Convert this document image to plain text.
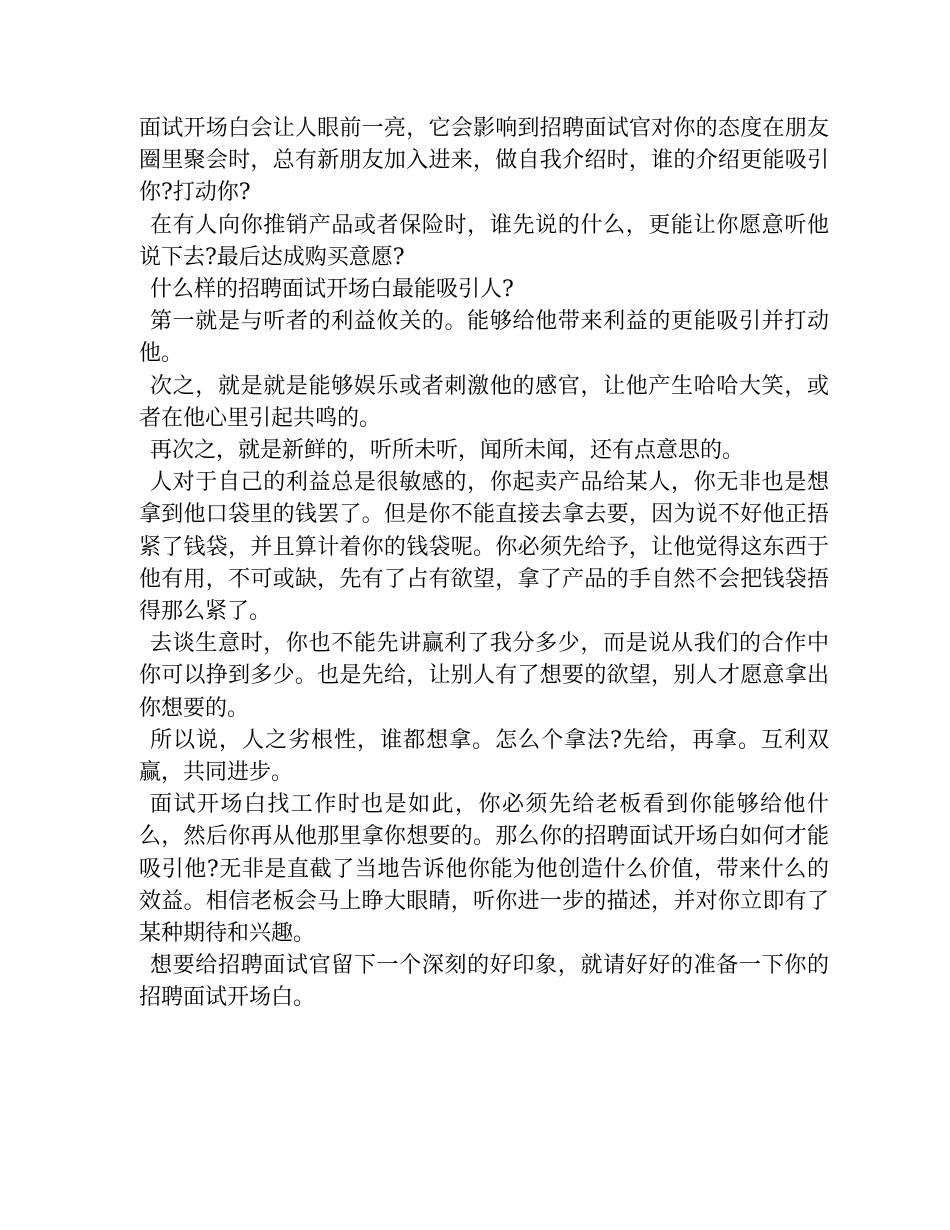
面试开场白会让人眼前一亮，它会影响到招聘面试官对你的态度在朋友圈里聚会时，总有新朋友加入进来，做自我介绍时，谁的介绍更能吸引你?打动你?

在有人向你推销产品或者保险时，谁先说的什么，更能让你愿意听他说下去?最后达成购买意愿?

什么样的招聘面试开场白最能吸引人?

第一就是与听者的利益攸关的。能够给他带来利益的更能吸引并打动他。

次之，就是就是能够娱乐或者刺激他的感官，让他产生哈哈大笑，或者在他心里引起共鸣的。

再次之，就是新鲜的，听所未听，闻所未闻，还有点意思的。

人对于自己的利益总是很敏感的，你起卖产品给某人，你无非也是想拿到他口袋里的钱罢了。但是你不能直接去拿去要，因为说不好他正捂紧了钱袋，并且算计着你的钱袋呢。你必须先给予，让他觉得这东西于他有用，不可或缺，先有了占有欲望，拿了产品的手自然不会把钱袋捂得那么紧了。

去谈生意时，你也不能先讲赢利了我分多少，而是说从我们的合作中你可以挣到多少。也是先给，让别人有了想要的欲望，别人才愿意拿出你想要的。

所以说，人之劣根性，谁都想拿。怎么个拿法?先给，再拿。互利双赢，共同进步。

面试开场白找工作时也是如此，你必须先给老板看到你能够给他什么，然后你再从他那里拿你想要的。那么你的招聘面试开场白如何才能吸引他?无非是直截了当地告诉他你能为他创造什么价值，带来什么的效益。相信老板会马上睁大眼睛，听你进一步的描述，并对你立即有了某种期待和兴趣。

想要给招聘面试官留下一个深刻的好印象，就请好好的准备一下你的招聘面试开场白。
